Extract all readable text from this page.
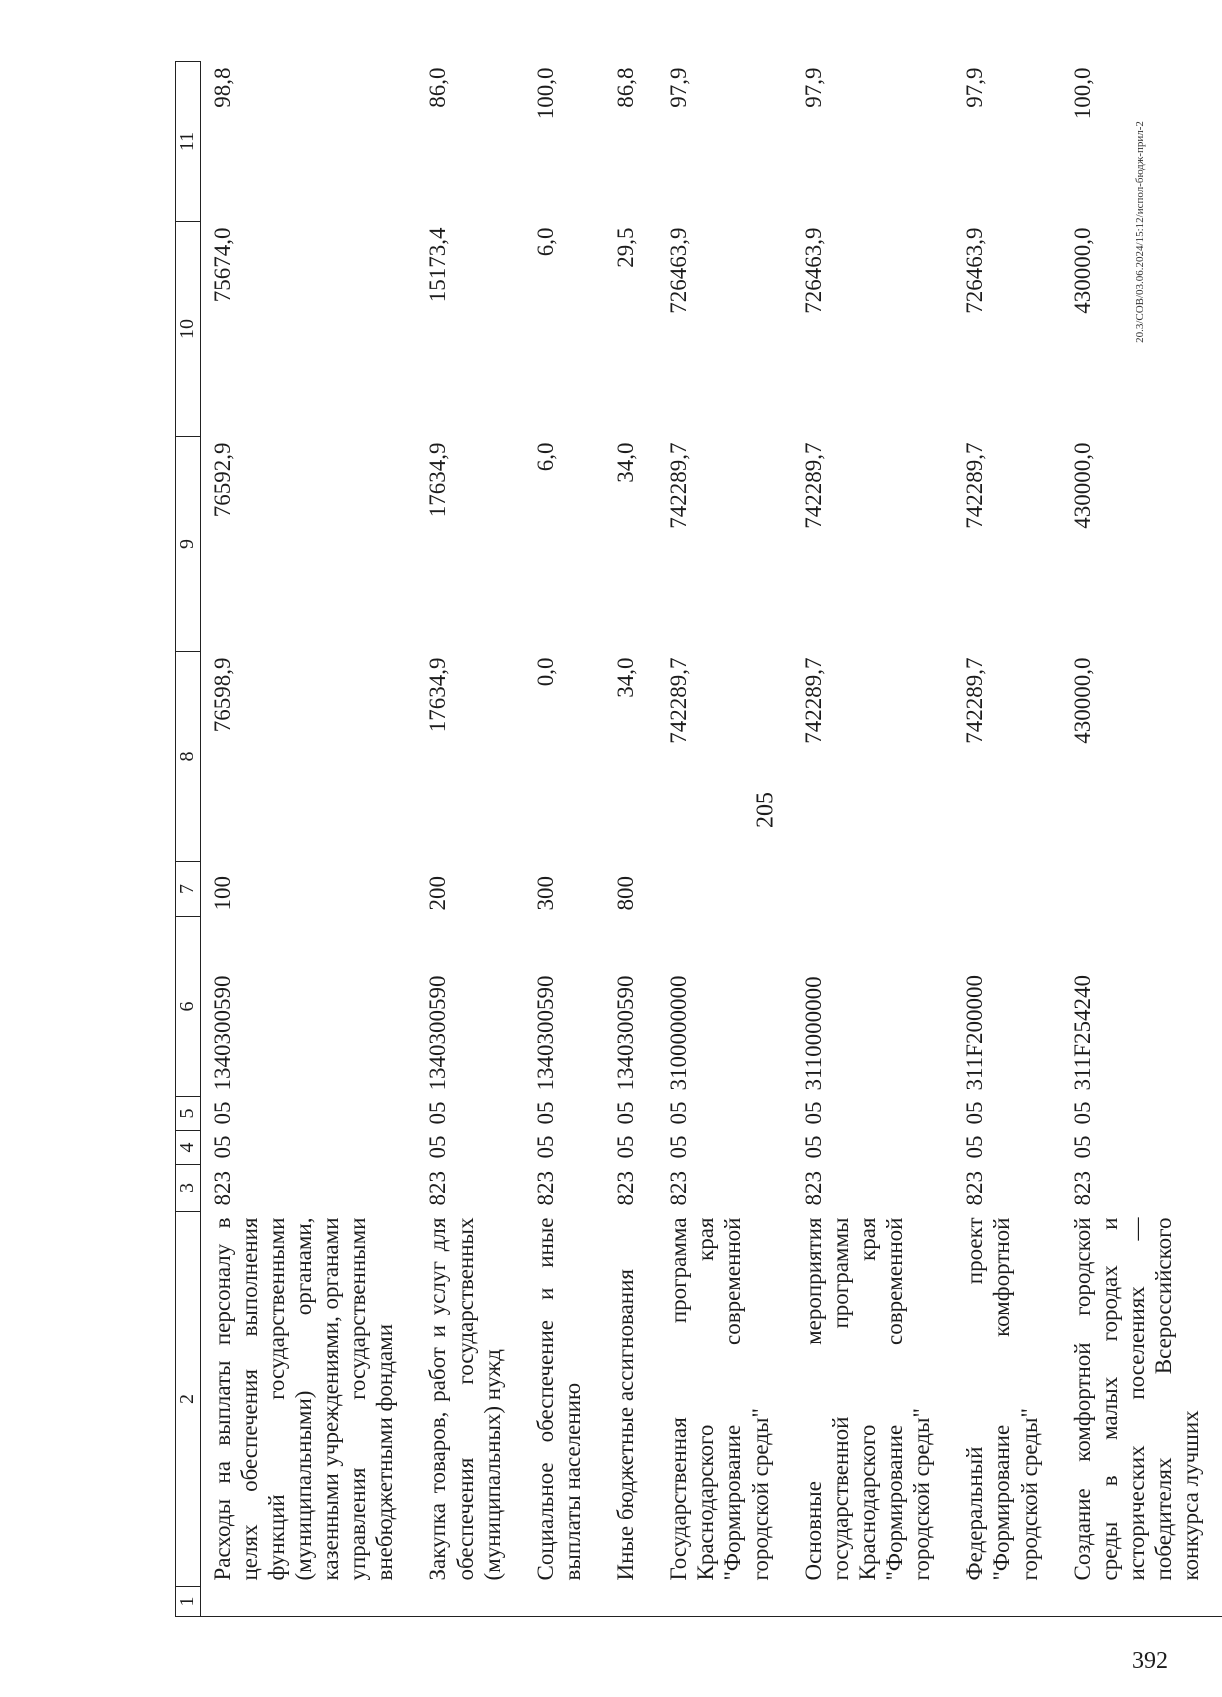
205
20.3/СОВ/03.06.2024/15:12/испол-бюдж-прил-2
1	2	3	4	5	6	7	8	9	10	11
	Расходы на выплаты персоналу в целях обеспечения выполнения функций государственными (муниципальными) органами, казенными учреждениями, органами управления государственными внебюджетными фондами	823	05	05	1340300590	100	76598,9	76592,9	75674,0	98,8
	Закупка товаров, работ и услуг для обеспечения государственных (муниципальных) нужд	823	05	05	1340300590	200	17634,9	17634,9	15173,4	86,0
	Социальное обеспечение и иные выплаты населению	823	05	05	1340300590	300	0,0	6,0	6,0	100,0
	Иные бюджетные ассигнования	823	05	05	1340300590	800	34,0	34,0	29,5	86,8
	Государственная программа Краснодарского края "Формирование современной городской среды"	823	05	05	3100000000		742289,7	742289,7	726463,9	97,9
	Основные мероприятия государственной программы Краснодарского края "Формирование современной городской среды"	823	05	05	3110000000		742289,7	742289,7	726463,9	97,9
	Федеральный проект "Формирование комфортной городской среды"	823	05	05	311F200000		742289,7	742289,7	726463,9	97,9
	Создание комфортной городской среды в малых городах и исторических поселениях — победителях Всероссийского конкурса лучших	823	05	05	311F254240		430000,0	430000,0	430000,0	100,0
392
